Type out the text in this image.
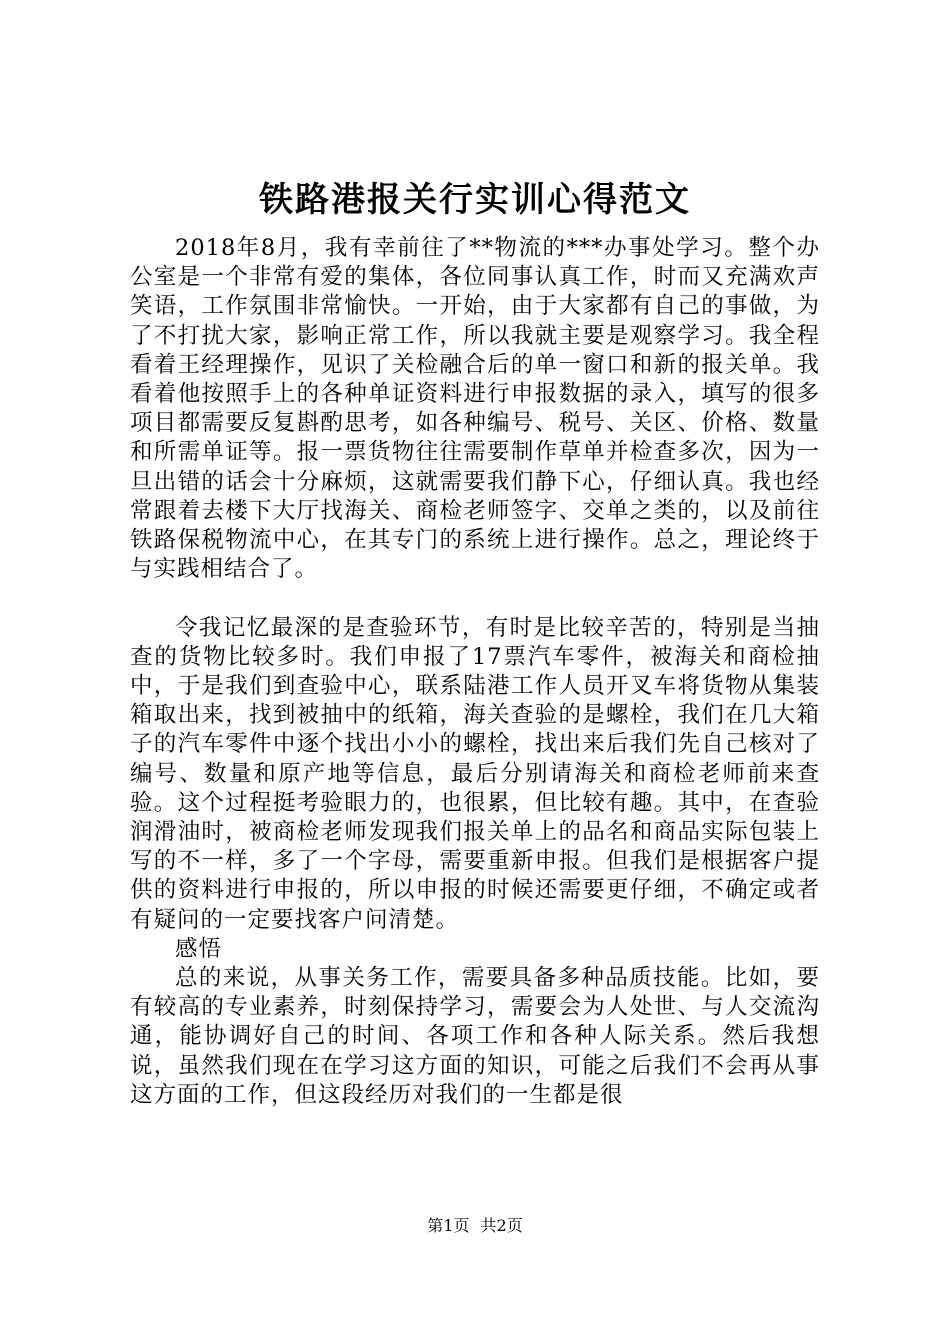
铁路港报关行实训心得范文

2018年8月，我有幸前往了**物流的***办事处学习。整个办公室是一个非常有爱的集体，各位同事认真工作，时而又充满欢声笑语，工作氛围非常愉快。一开始，由于大家都有自己的事做，为了不打扰大家，影响正常工作，所以我就主要是观察学习。我全程看着王经理操作，见识了关检融合后的单一窗口和新的报关单。我看着他按照手上的各种单证资料进行申报数据的录入，填写的很多项目都需要反复斟酌思考，如各种编号、税号、关区、价格、数量和所需单证等。报一票货物往往需要制作草单并检查多次，因为一旦出错的话会十分麻烦，这就需要我们静下心，仔细认真。我也经常跟着去楼下大厅找海关、商检老师签字、交单之类的，以及前往铁路保税物流中心，在其专门的系统上进行操作。总之，理论终于与实践相结合了。

令我记忆最深的是查验环节，有时是比较辛苦的，特别是当抽查的货物比较多时。我们申报了17票汽车零件，被海关和商检抽中，于是我们到查验中心，联系陆港工作人员开叉车将货物从集装箱取出来，找到被抽中的纸箱，海关查验的是螺栓，我们在几大箱子的汽车零件中逐个找出小小的螺栓，找出来后我们先自己核对了编号、数量和原产地等信息，最后分别请海关和商检老师前来查验。这个过程挺考验眼力的，也很累，但比较有趣。其中，在查验润滑油时，被商检老师发现我们报关单上的品名和商品实际包装上写的不一样，多了一个字母，需要重新申报。但我们是根据客户提供的资料进行申报的，所以申报的时候还需要更仔细，不确定或者有疑问的一定要找客户问清楚。

感悟

总的来说，从事关务工作，需要具备多种品质技能。比如，要有较高的专业素养，时刻保持学习，需要会为人处世、与人交流沟通，能协调好自己的时间、各项工作和各种人际关系。然后我想说，虽然我们现在在学习这方面的知识，可能之后我们不会再从事这方面的工作，但这段经历对我们的一生都是很

第1页 共2页
